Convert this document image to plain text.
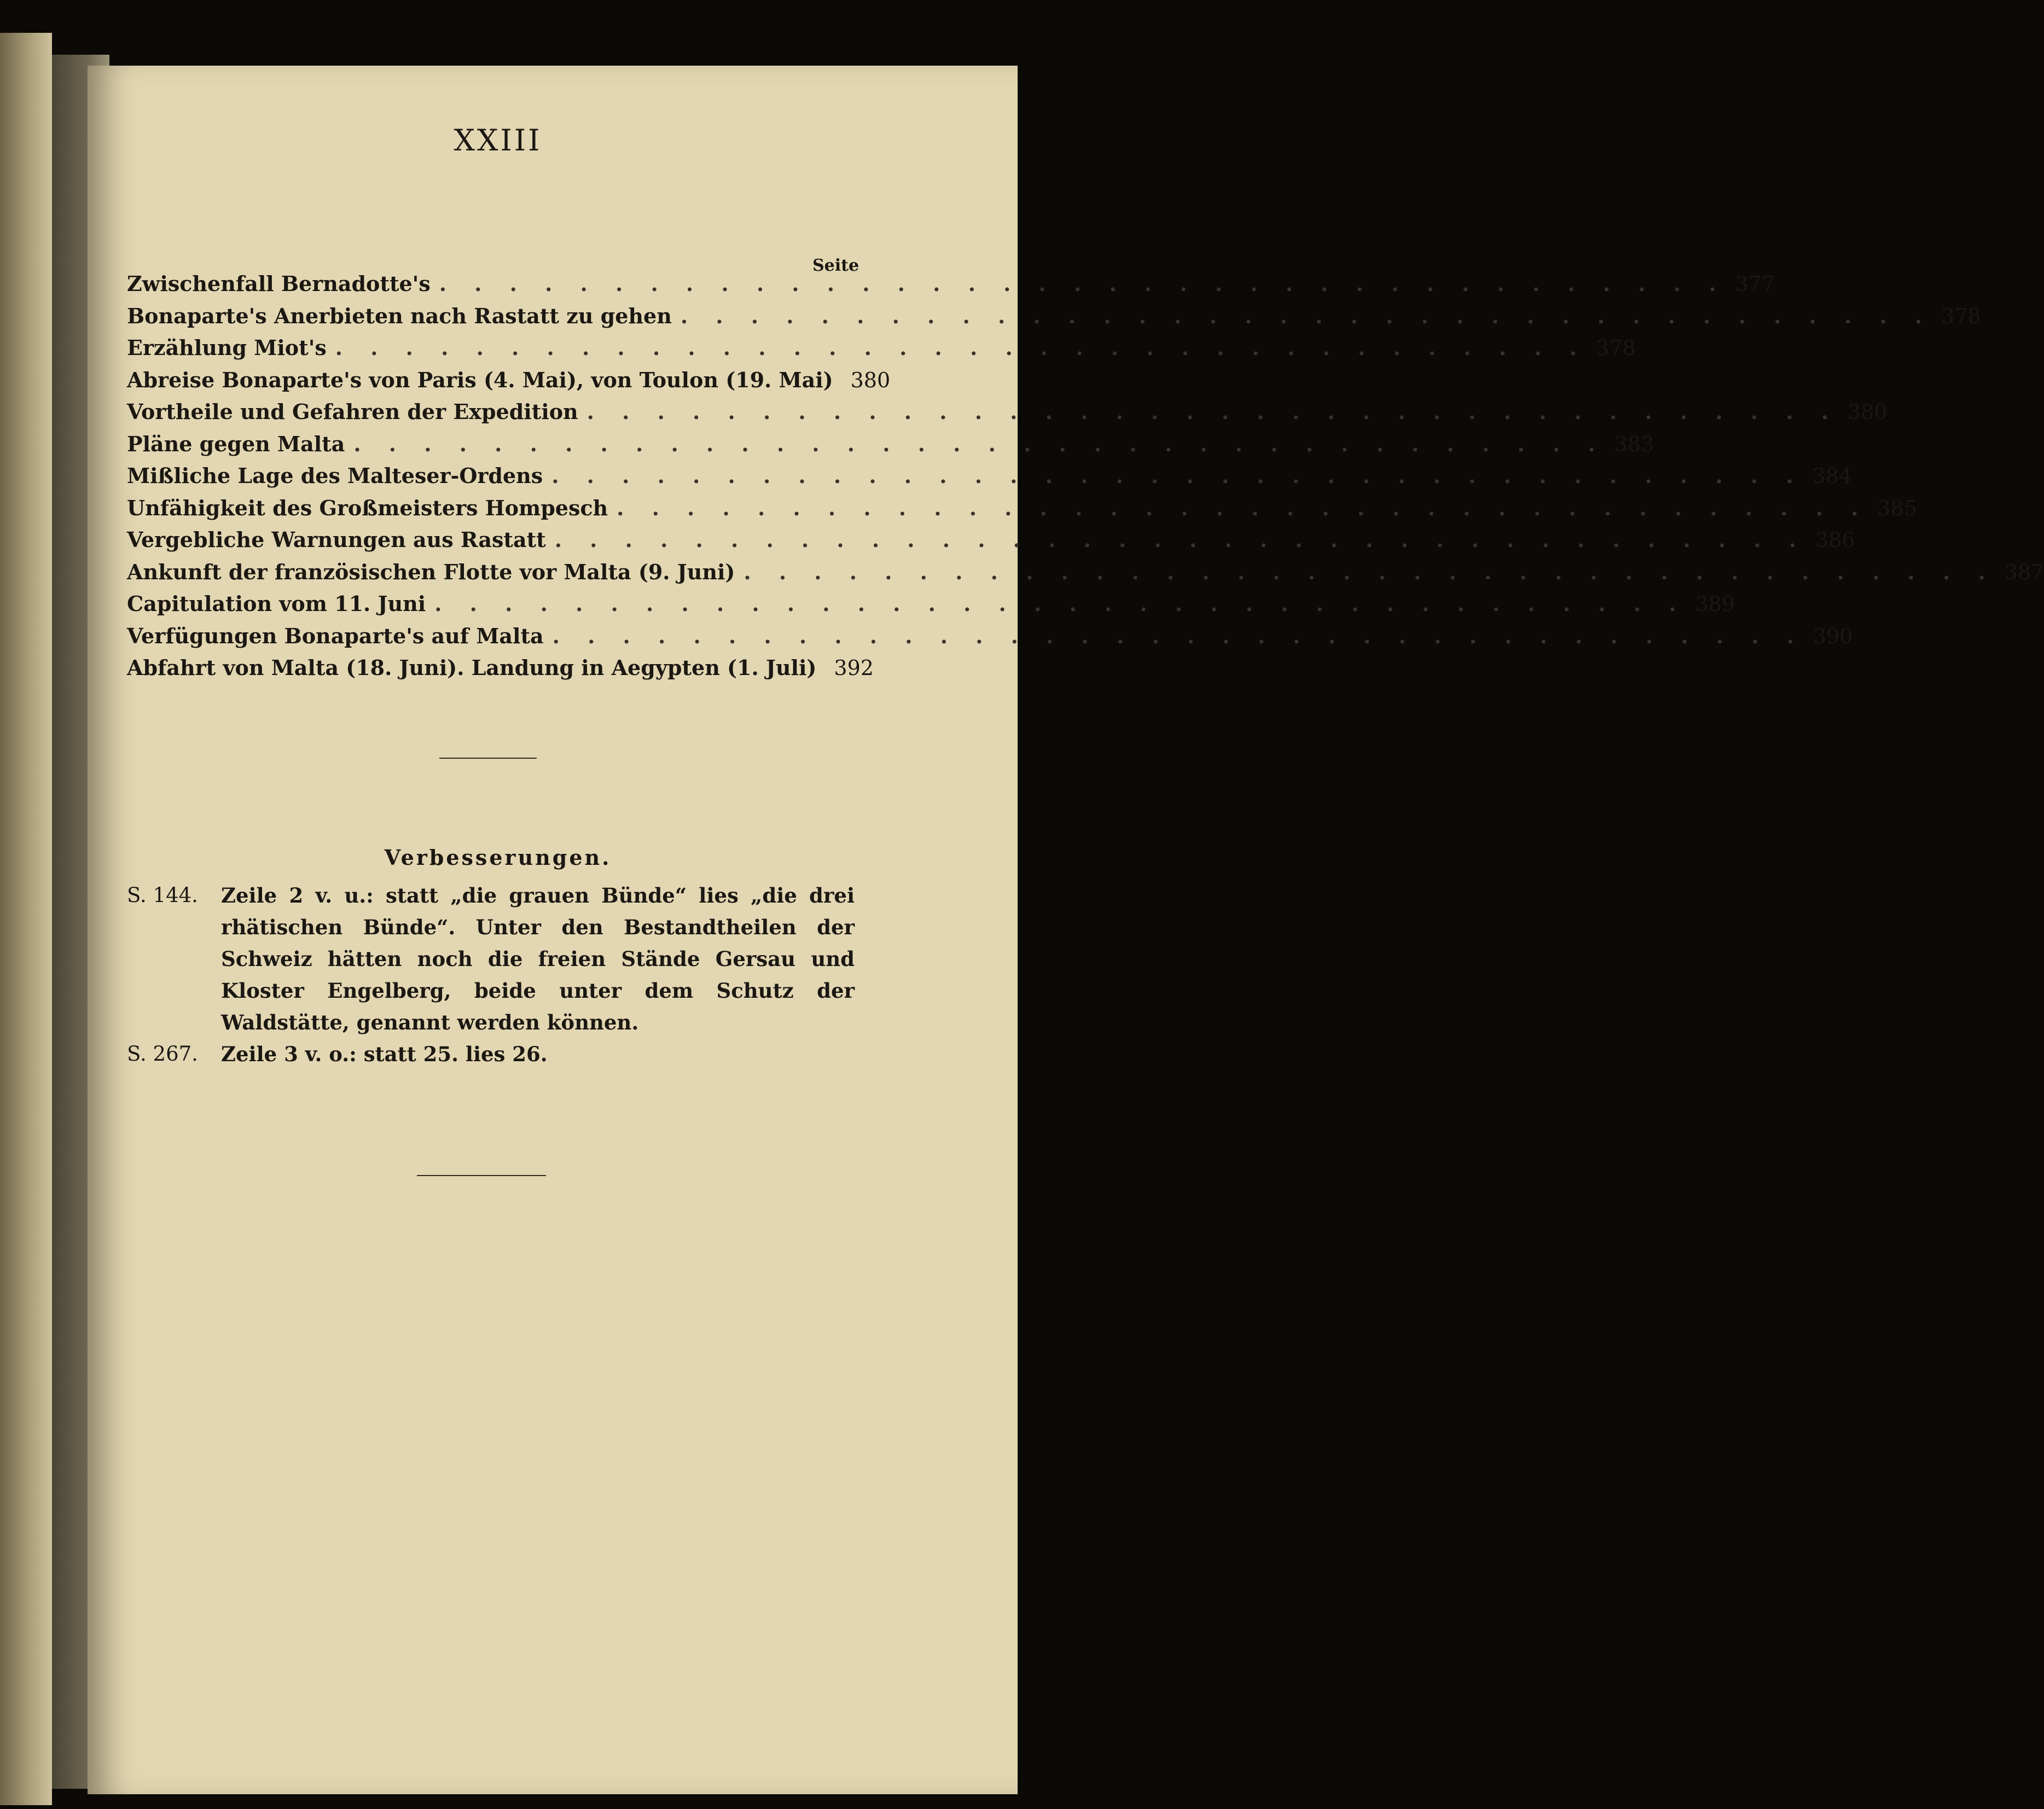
XXIII
Seite
Zwischenfall Bernadotte's . . . . . . . . . . . . . . . . . . . . . . . . . . . . . . . . . . . . . 377
Bonaparte's Anerbieten nach Rastatt zu gehen . . . . . . . . . . . . . . . . . . . . . . . . . . . . . . . . . . . . 378
Erzählung Miot's . . . . . . . . . . . . . . . . . . . . . . . . . . . . . . . . . . . . 378
Abreise Bonaparte's von Paris (4. Mai), von Toulon (19. Mai) 380
Vortheile und Gefahren der Expedition . . . . . . . . . . . . . . . . . . . . . . . . . . . . . . . . . . . . 380
Pläne gegen Malta . . . . . . . . . . . . . . . . . . . . . . . . . . . . . . . . . . . . 383
Mißliche Lage des Malteser-Ordens . . . . . . . . . . . . . . . . . . . . . . . . . . . . . . . . . . . . 384
Unfähigkeit des Großmeisters Hompesch . . . . . . . . . . . . . . . . . . . . . . . . . . . . . . . . . . . . 385
Vergebliche Warnungen aus Rastatt . . . . . . . . . . . . . . . . . . . . . . . . . . . . . . . . . . . . 386
Ankunft der französischen Flotte vor Malta (9. Juni) . . . . . . . . . . . . . . . . . . . . . . . . . . . . . . . . . . . . 387
Capitulation vom 11. Juni . . . . . . . . . . . . . . . . . . . . . . . . . . . . . . . . . . . . 389
Verfügungen Bonaparte's auf Malta . . . . . . . . . . . . . . . . . . . . . . . . . . . . . . . . . . . . 390
Abfahrt von Malta (18. Juni). Landung in Aegypten (1. Juli) 392
Verbesserungen.
S. 144.	Zeile 2 v. u.: statt „die grauen Bünde“ lies „die drei rhätischen Bünde“. Unter den Bestandtheilen der Schweiz hätten noch die freien Stände Gersau und Kloster Engelberg, beide unter dem Schutz der Waldstätte, genannt werden können.
S. 267.	Zeile 3 v. o.: statt 25. lies 26.
